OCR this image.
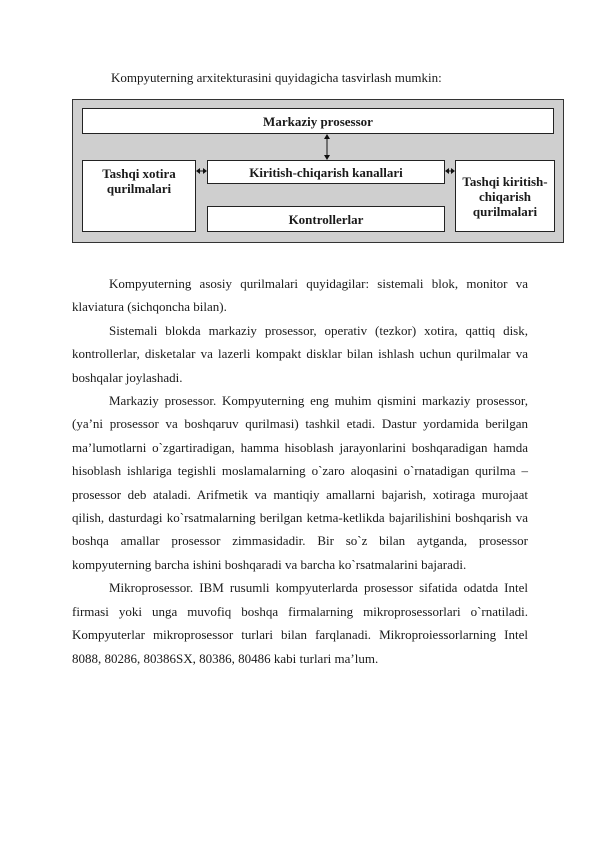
Kompyuterning arxitekturasini quyidagicha tasvirlash mumkin:

Markaziy prosessor
Tashqi xotira qurilmalari
Kiritish-chiqarish kanallari
Kontrollerlar
Tashqi kiritish-chiqarish qurilmalari

Kompyuterning asosiy qurilmalari quyidagilar: sistemali blok, monitor va klaviatura (sichqoncha bilan).

Sistemali blokda markaziy prosessor, operativ (tezkor) xotira, qattiq disk, kontrollerlar, disketalar va lazerli kompakt disklar bilan ishlash uchun qurilmalar va boshqalar joylashadi.

Markaziy prosessor. Kompyuterning eng muhim qismini markaziy prosessor, (ya’ni prosessor va boshqaruv qurilmasi) tashkil etadi. Dastur yordamida berilgan ma’lumotlarni o`zgartiradigan, hamma hisoblash jarayonlarini boshqaradigan hamda hisoblash ishlariga tegishli moslamalarning o`zaro aloqasini o`rnatadigan qurilma – prosessor deb ataladi. Arifmetik va mantiqiy amallarni bajarish, xotiraga murojaat qilish, dasturdagi ko`rsatmalarning berilgan ketma-ketlikda bajarilishini boshqarish va boshqa amallar prosessor zimmasidadir. Bir so`z bilan aytganda, prosessor kompyuterning barcha ishini boshqaradi va barcha ko`rsatmalarini bajaradi.

Mikroprosessor. IBM rusumli kompyuterlarda prosessor sifatida odatda Intel firmasi yoki unga muvofiq boshqa firmalarning mikroprosessorlari o`rnatiladi. Kompyuterlar mikroprosessor turlari bilan farqlanadi. Mikroproiessorlarning Intel 8088, 80286, 80386SX, 80386, 80486 kabi turlari ma’lum.
